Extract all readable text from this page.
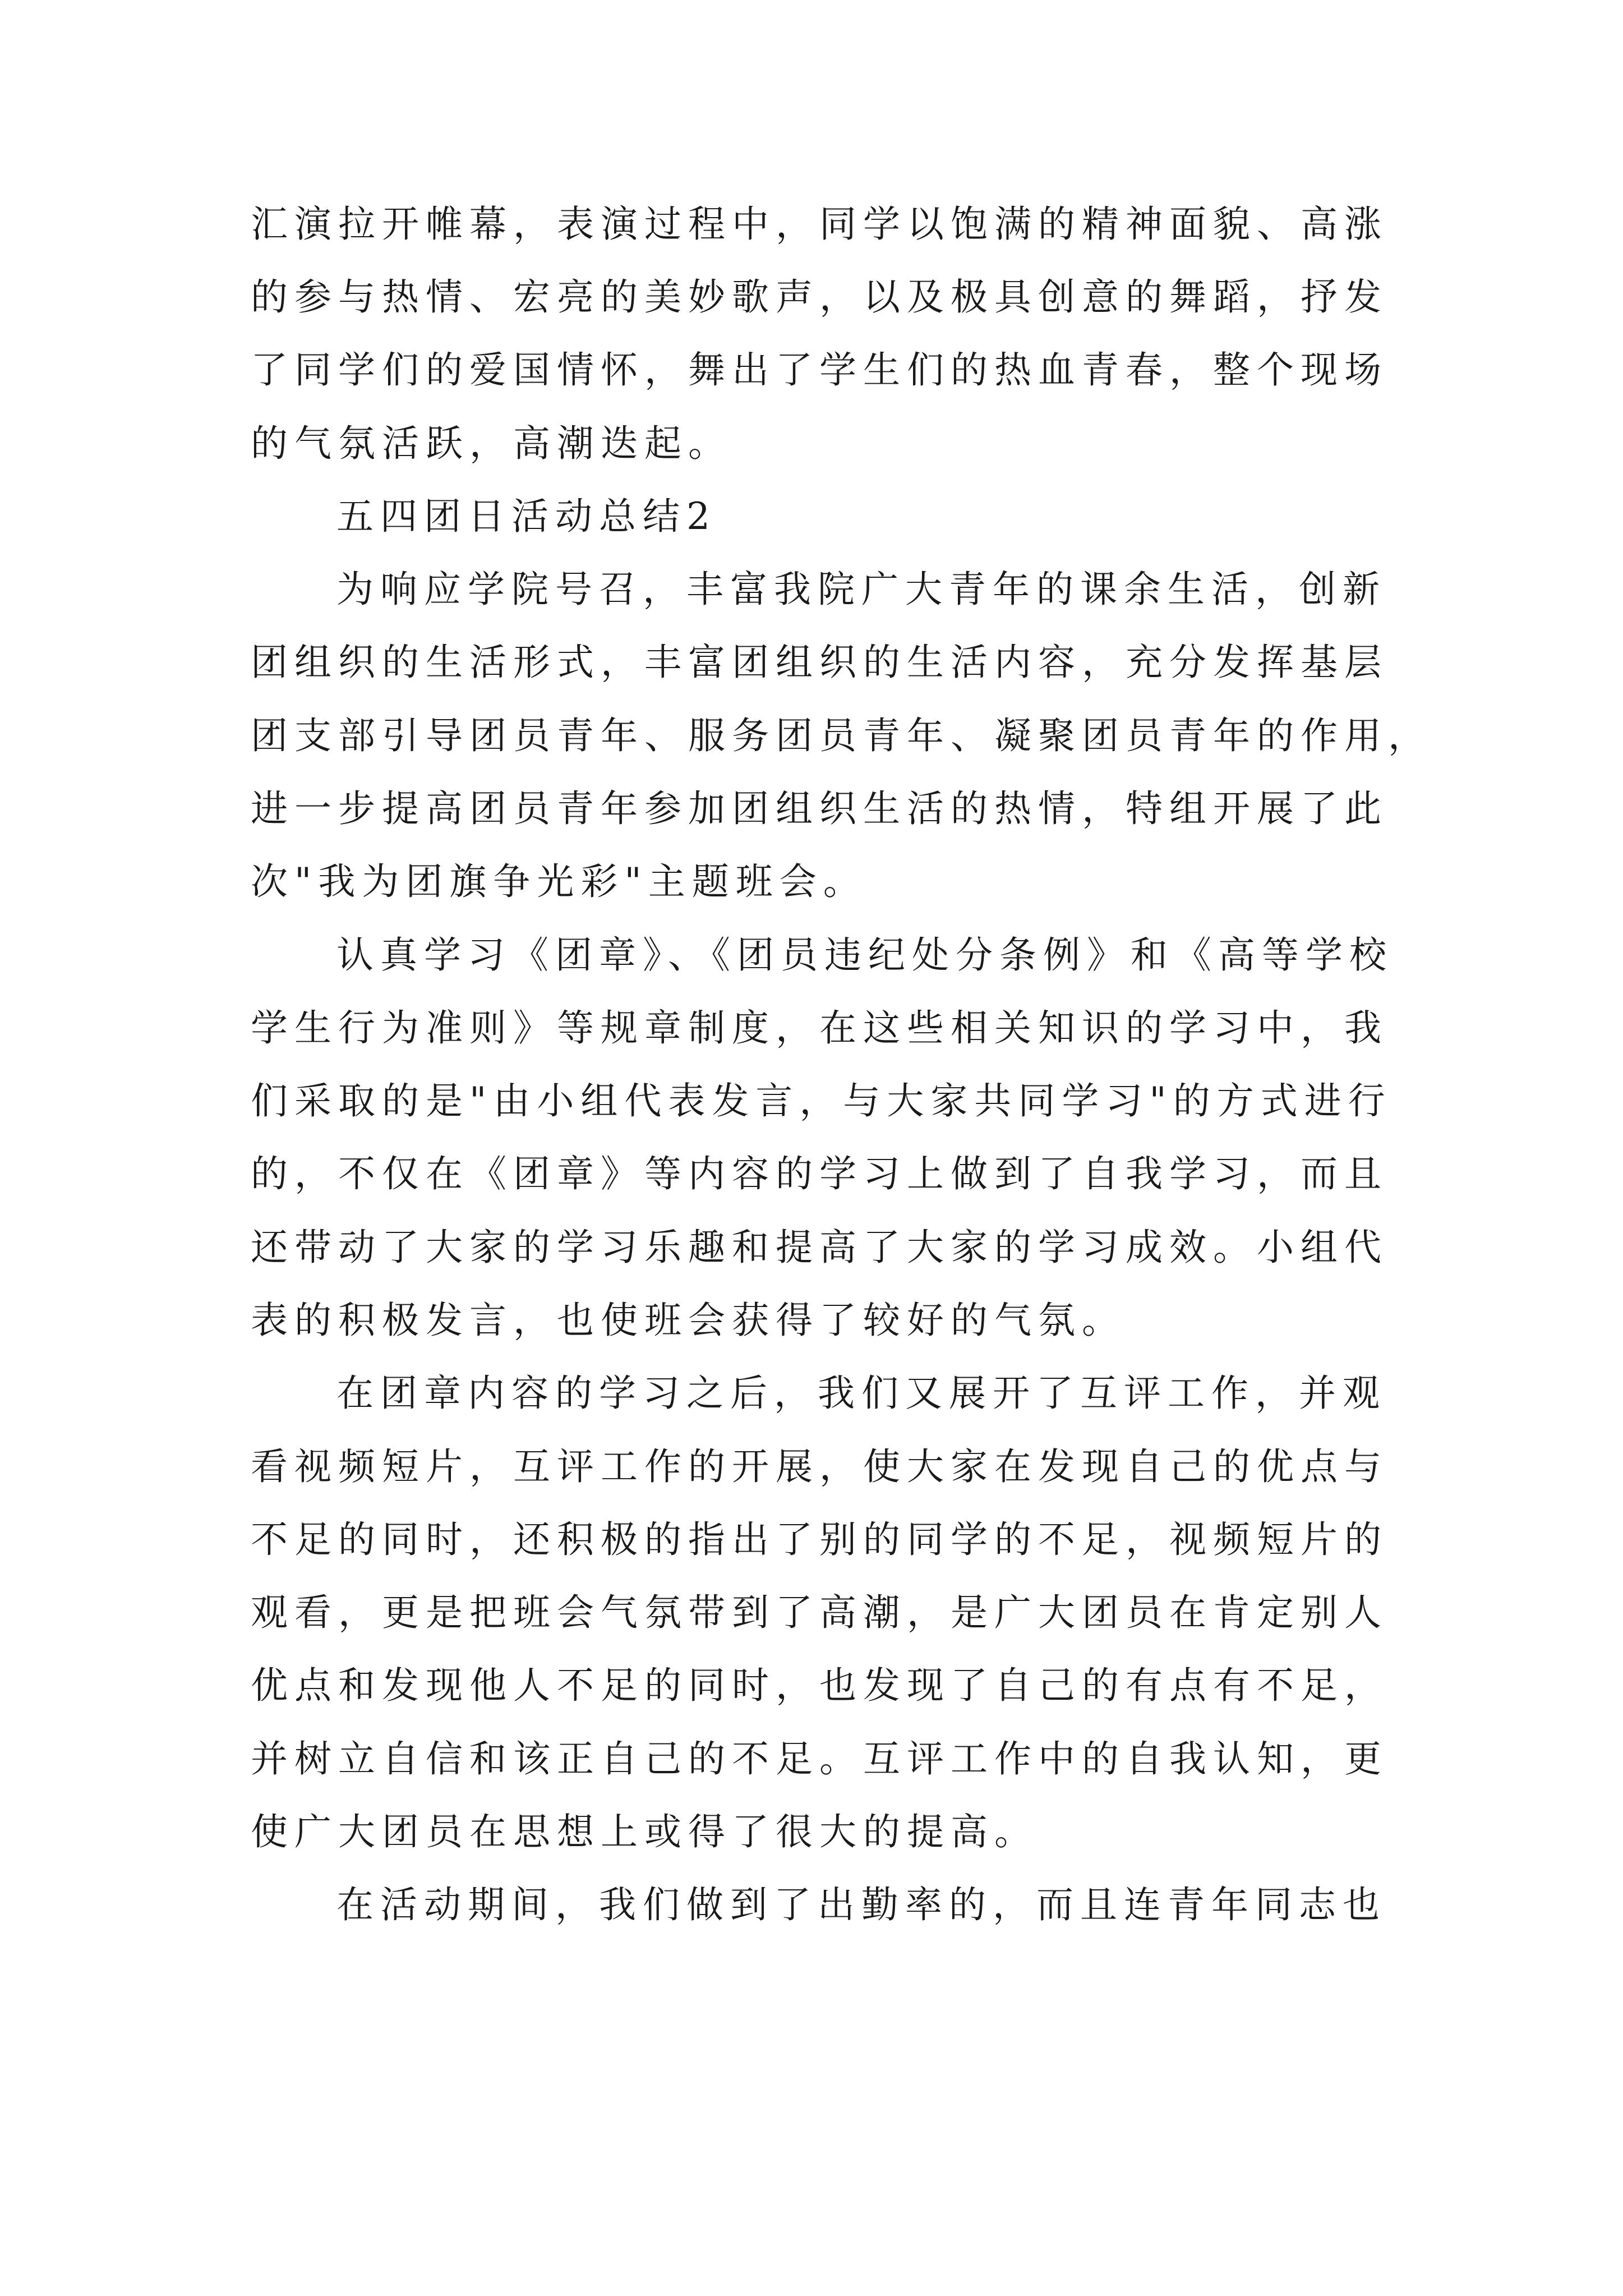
汇演拉开帷幕，表演过程中，同学以饱满的精神面貌、高涨
的参与热情、宏亮的美妙歌声，以及极具创意的舞蹈，抒发
了同学们的爱国情怀，舞出了学生们的热血青春，整个现场
的气氛活跃，高潮迭起。
五四团日活动总结2
为响应学院号召，丰富我院广大青年的课余生活，创新
团组织的生活形式，丰富团组织的生活内容，充分发挥基层
团支部引导团员青年、服务团员青年、凝聚团员青年的作用，
进一步提高团员青年参加团组织生活的热情，特组开展了此
次"我为团旗争光彩"主题班会。
认真学习《团章》、《团员违纪处分条例》和《高等学校
学生行为准则》等规章制度，在这些相关知识的学习中，我
们采取的是"由小组代表发言，与大家共同学习"的方式进行
的，不仅在《团章》等内容的学习上做到了自我学习，而且
还带动了大家的学习乐趣和提高了大家的学习成效。小组代
表的积极发言，也使班会获得了较好的气氛。
在团章内容的学习之后，我们又展开了互评工作，并观
看视频短片，互评工作的开展，使大家在发现自己的优点与
不足的同时，还积极的指出了别的同学的不足，视频短片的
观看，更是把班会气氛带到了高潮，是广大团员在肯定别人
优点和发现他人不足的同时，也发现了自己的有点有不足，
并树立自信和该正自己的不足。互评工作中的自我认知，更
使广大团员在思想上或得了很大的提高。
在活动期间，我们做到了出勤率的，而且连青年同志也
